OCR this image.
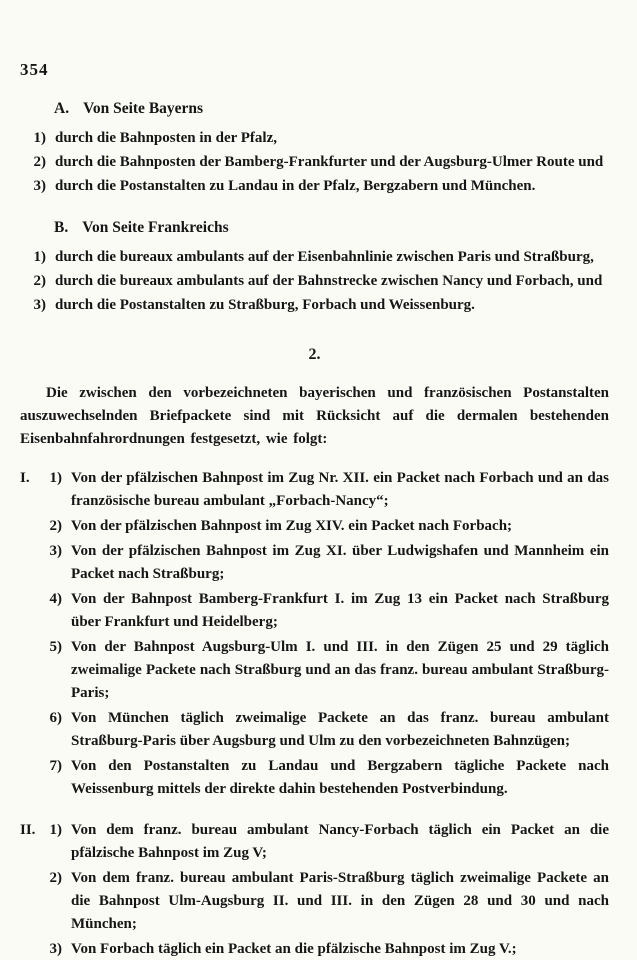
354
A. Von Seite Bayerns
1) durch die Bahnposten in der Pfalz,
2) durch die Bahnposten der Bamberg-Frankfurter und der Augsburg-Ulmer Route und
3) durch die Postanstalten zu Landau in der Pfalz, Bergzabern und München.
B. Von Seite Frankreichs
1) durch die bureaux ambulants auf der Eisenbahnlinie zwischen Paris und Straßburg,
2) durch die bureaux ambulants auf der Bahnstrecke zwischen Nancy und Forbach, und
3) durch die Postanstalten zu Straßburg, Forbach und Weissenburg.
2.

Die zwischen den vorbezeichneten bayerischen und französischen Postanstalten auszuwechselnden Briefpackete sind mit Rücksicht auf die dermalen bestehenden Eisenbahnfahrordnungen festgesetzt, wie folgt:

I.	1) Von der pfälzischen Bahnpost im Zug Nr. XII. ein Packet nach Forbach und an das französische bureau ambulant „Forbach-Nancy“;
2) Von der pfälzischen Bahnpost im Zug XIV. ein Packet nach Forbach;
3) Von der pfälzischen Bahnpost im Zug XI. über Ludwigshafen und Mannheim ein Packet nach Straßburg;
4) Von der Bahnpost Bamberg-Frankfurt I. im Zug 13 ein Packet nach Straßburg über Frankfurt und Heidelberg;
5) Von der Bahnpost Augsburg-Ulm I. und III. in den Zügen 25 und 29 täglich zweimalige Packete nach Straßburg und an das franz. bureau ambulant Straßburg-Paris;
6) Von München täglich zweimalige Packete an das franz. bureau ambulant Straßburg-Paris über Augsburg und Ulm zu den vorbezeichneten Bahnzügen;
7) Von den Postanstalten zu Landau und Bergzabern tägliche Packete nach Weissenburg mittels der direkte dahin bestehenden Postverbindung.
II. 1) Von dem franz. bureau ambulant Nancy-Forbach täglich ein Packet an die pfälzische Bahnpost im Zug V;
2) Von dem franz. bureau ambulant Paris-Straßburg täglich zweimalige Packete an die Bahnpost Ulm-Augsburg II. und III. in den Zügen 28 und 30 und nach München;
3) Von Forbach täglich ein Packet an die pfälzische Bahnpost im Zug V.;
